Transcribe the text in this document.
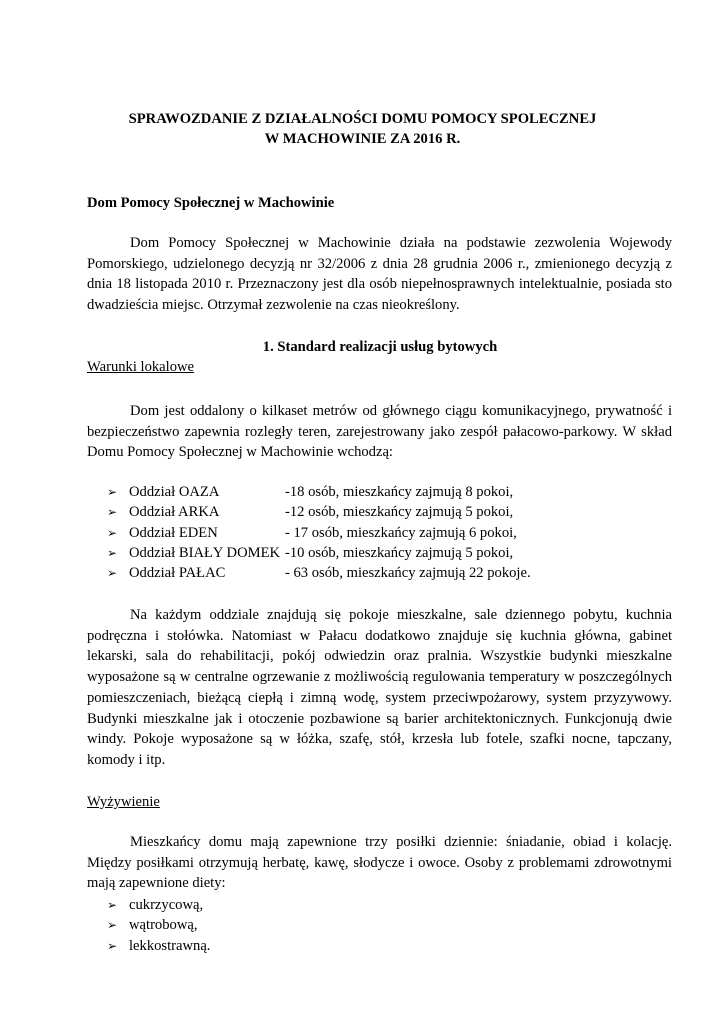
SPRAWOZDANIE Z DZIAŁALNOŚCI DOMU POMOCY SPOLECZNEJ
W MACHOWINIE ZA 2016 R.
Dom Pomocy Społecznej w Machowinie

Dom Pomocy Społecznej w Machowinie działa na podstawie zezwolenia Wojewody Pomorskiego, udzielonego decyzją nr 32/2006 z dnia 28 grudnia 2006 r., zmienionego decyzją z dnia 18 listopada 2010 r. Przeznaczony jest dla osób niepełnosprawnych intelektualnie, posiada sto dwadzieścia miejsc. Otrzymał zezwolenie na czas nieokreślony.

1. Standard realizacji usług bytowych
Warunki lokalowe

Dom jest oddalony o kilkaset metrów od głównego ciągu komunikacyjnego, prywatność i bezpieczeństwo zapewnia rozległy teren, zarejestrowany jako zespół pałacowo-parkowy. W skład Domu Pomocy Społecznej w Machowinie wchodzą:

➢ Oddział OAZA	-18 osób, mieszkańcy zajmują 8 pokoi,
➢ Oddział ARKA	-12 osób, mieszkańcy zajmują 5 pokoi,
➢ Oddział EDEN	- 17 osób, mieszkańcy zajmują 6 pokoi,
➢ Oddział BIAŁY DOMEK -10 osób, mieszkańcy zajmują 5 pokoi,
➢ Oddział PAŁAC	- 63 osób, mieszkańcy zajmują 22 pokoje.

Na każdym oddziale znajdują się pokoje mieszkalne, sale dziennego pobytu, kuchnia podręczna i stołówka. Natomiast w Pałacu dodatkowo znajduje się kuchnia główna, gabinet lekarski, sala do rehabilitacji, pokój odwiedzin oraz pralnia. Wszystkie budynki mieszkalne wyposażone są w centralne ogrzewanie z możliwością regulowania temperatury w poszczególnych pomieszczeniach, bieżącą ciepłą i zimną wodę, system przeciwpożarowy, system przyzywowy. Budynki mieszkalne jak i otoczenie pozbawione są barier architektonicznych. Funkcjonują dwie windy. Pokoje wyposażone są w łóżka, szafę, stół, krzesła lub fotele, szafki nocne, tapczany, komody i itp.

Wyżywienie

Mieszkańcy domu mają zapewnione trzy posiłki dziennie: śniadanie, obiad i kolację. Między posiłkami otrzymują herbatę, kawę, słodycze i owoce. Osoby z problemami zdrowotnymi mają zapewnione diety:

➢ cukrzycową,
➢ wątrobową,
➢ lekkostrawną.
